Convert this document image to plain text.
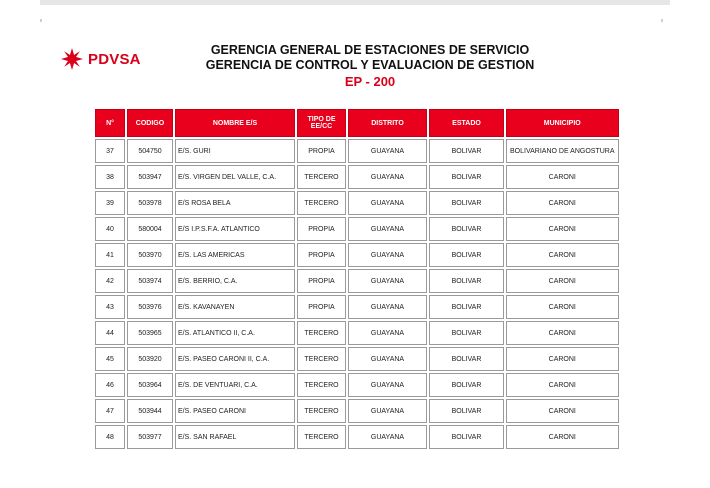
PDVSA
GERENCIA GENERAL DE ESTACIONES DE SERVICIO
GERENCIA DE CONTROL Y EVALUACION DE GESTION
EP - 200
N°	CODIGO	NOMBRE E/S	TIPO DE EE/CC	DISTRITO	ESTADO	MUNICIPIO
37	504750	E/S. GURI	PROPIA	GUAYANA	BOLIVAR	BOLIVARIANO DE ANGOSTURA
38	503947	E/S. VIRGEN DEL VALLE, C.A.	TERCERO	GUAYANA	BOLIVAR	CARONI
39	503978	E/S ROSA BELA	TERCERO	GUAYANA	BOLIVAR	CARONI
40	580004	E/S I.P.S.F.A. ATLANTICO	PROPIA	GUAYANA	BOLIVAR	CARONI
41	503970	E/S. LAS AMERICAS	PROPIA	GUAYANA	BOLIVAR	CARONI
42	503974	E/S. BERRIO, C.A.	PROPIA	GUAYANA	BOLIVAR	CARONI
43	503976	E/S. KAVANAYEN	PROPIA	GUAYANA	BOLIVAR	CARONI
44	503965	E/S. ATLANTICO II, C.A.	TERCERO	GUAYANA	BOLIVAR	CARONI
45	503920	E/S. PASEO CARONI II, C.A.	TERCERO	GUAYANA	BOLIVAR	CARONI
46	503964	E/S. DE VENTUARI, C.A.	TERCERO	GUAYANA	BOLIVAR	CARONI
47	503944	E/S. PASEO CARONI	TERCERO	GUAYANA	BOLIVAR	CARONI
48	503977	E/S. SAN RAFAEL	TERCERO	GUAYANA	BOLIVAR	CARONI
